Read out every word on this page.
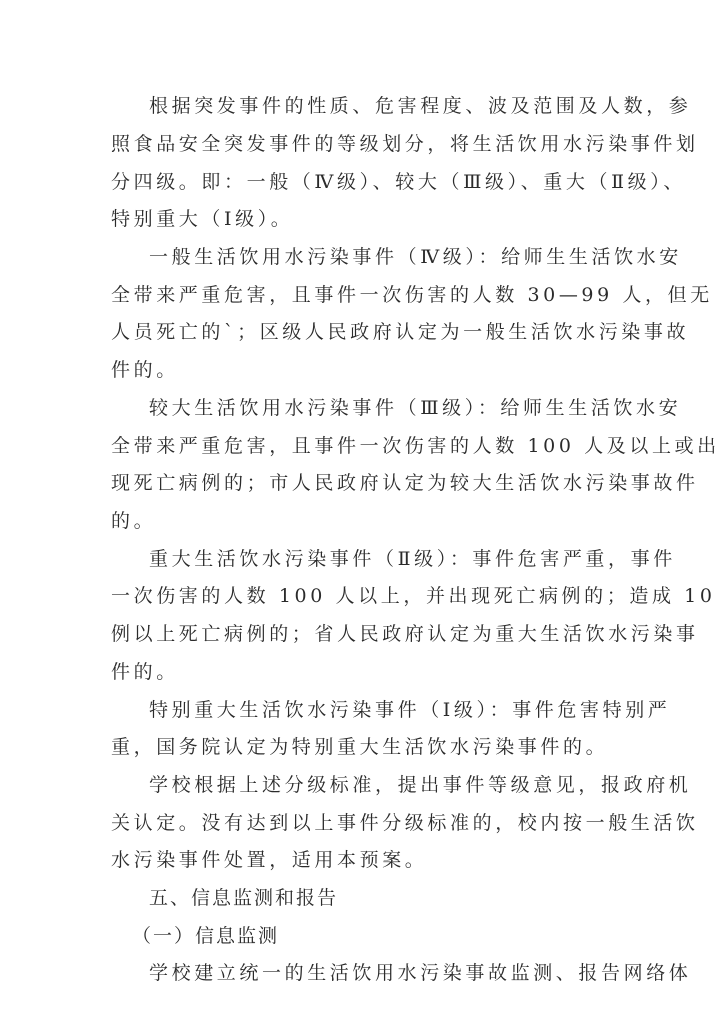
根据突发事件的性质、危害程度、波及范围及人数，参
照食品安全突发事件的等级划分，将生活饮用水污染事件划
分四级。即：一般（Ⅳ级）、较大（Ⅲ级）、重大（Ⅱ级）、
特别重大（Ⅰ级）。
一般生活饮用水污染事件（Ⅳ级）：给师生生活饮水安
全带来严重危害，且事件一次伤害的人数 30—99 人，但无
人员死亡的`；区级人民政府认定为一般生活饮水污染事故
件的。
较大生活饮用水污染事件（Ⅲ级）：给师生生活饮水安
全带来严重危害，且事件一次伤害的人数 100 人及以上或出
现死亡病例的；市人民政府认定为较大生活饮水污染事故件
的。
重大生活饮水污染事件（Ⅱ级）：事件危害严重，事件
一次伤害的人数 100 人以上，并出现死亡病例的；造成 10
例以上死亡病例的；省人民政府认定为重大生活饮水污染事
件的。
特别重大生活饮水污染事件（Ⅰ级）：事件危害特别严
重，国务院认定为特别重大生活饮水污染事件的。
学校根据上述分级标准，提出事件等级意见，报政府机
关认定。没有达到以上事件分级标准的，校内按一般生活饮
水污染事件处置，适用本预案。
五、信息监测和报告
（一）信息监测
学校建立统一的生活饮用水污染事故监测、报告网络体
